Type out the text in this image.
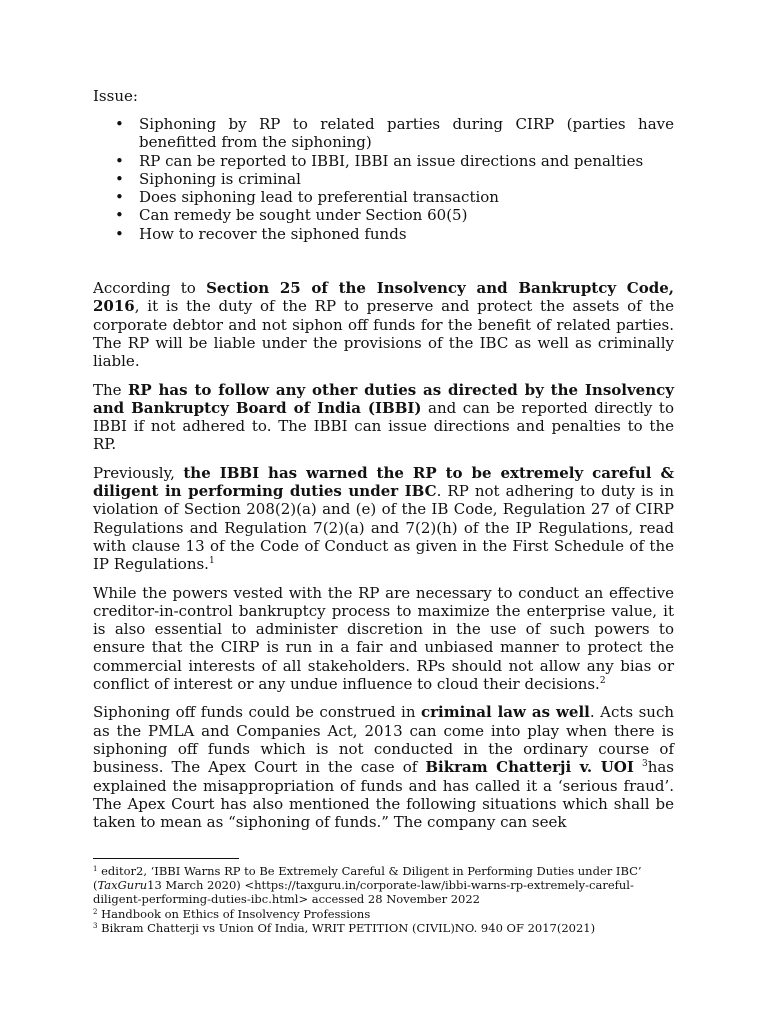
Issue:
• Siphoning by RP to related parties during CIRP (parties have benefitted from the siphoning)
• RP can be reported to IBBI, IBBI an issue directions and penalties
• Siphoning is criminal
• Does siphoning lead to preferential transaction
• Can remedy be sought under Section 60(5)
• How to recover the siphoned funds

According to Section 25 of the Insolvency and Bankruptcy Code, 2016, it is the duty of the RP to preserve and protect the assets of the corporate debtor and not siphon off funds for the benefit of related parties. The RP will be liable under the provisions of the IBC as well as criminally liable.

The RP has to follow any other duties as directed by the Insolvency and Bankruptcy Board of India (IBBI) and can be reported directly to IBBI if not adhered to. The IBBI can issue directions and penalties to the RP.

Previously, the IBBI has warned the RP to be extremely careful & diligent in performing duties under IBC. RP not adhering to duty is in violation of Section 208(2)(a) and (e) of the IB Code, Regulation 27 of CIRP Regulations and Regulation 7(2)(a) and 7(2)(h) of the IP Regulations, read with clause 13 of the Code of Conduct as given in the First Schedule of the IP Regulations.$^1$

While the powers vested with the RP are necessary to conduct an effective creditor-in-control bankruptcy process to maximize the enterprise value, it is also essential to administer discretion in the use of such powers to ensure that the CIRP is run in a fair and unbiased manner to protect the commercial interests of all stakeholders. RPs should not allow any bias or conflict of interest or any undue influence to cloud their decisions.$^2$

Siphoning off funds could be construed in criminal law as well. Acts such as the PMLA and Companies Act, 2013 can come into play when there is siphoning off funds which is not conducted in the ordinary course of business. The Apex Court in the case of Bikram Chatterji v. UOI $^3$has explained the misappropriation of funds and has called it a ‘serious fraud’. The Apex Court has also mentioned the following situations which shall be taken to mean as “siphoning of funds.” The company can seek

$^1$ editor2, ‘IBBI Warns RP to Be Extremely Careful & Diligent in Performing Duties under IBC’ (TaxGuru13 March 2020) <https://taxguru.in/corporate-law/ibbi-warns-rp-extremely-careful-diligent-performing-duties-ibc.html> accessed 28 November 2022

$^2$ Handbook on Ethics of Insolvency Professions

$^3$ Bikram Chatterji vs Union Of India, WRIT PETITION (CIVIL)NO. 940 OF 2017(2021)
